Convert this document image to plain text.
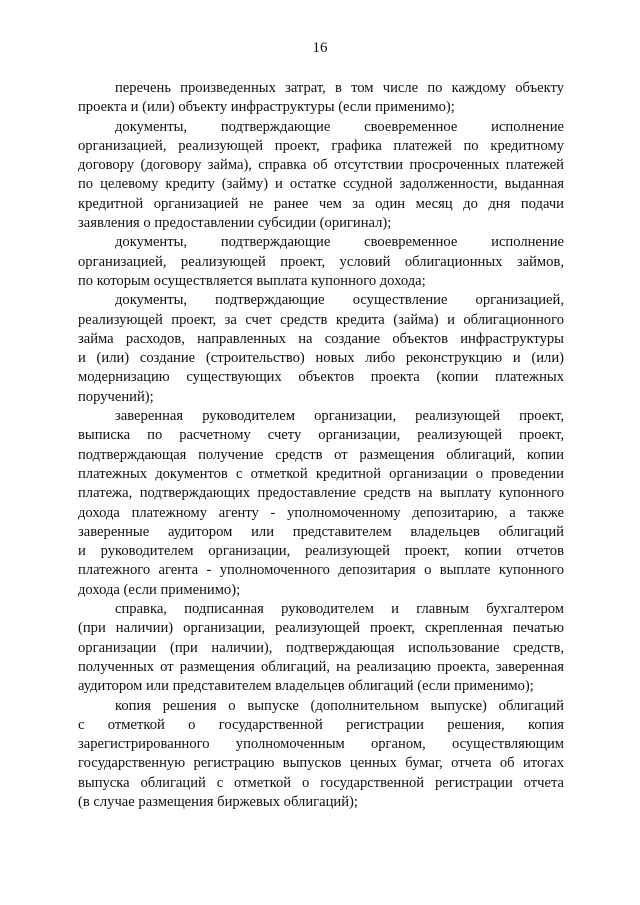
16
перечень произведенных затрат, в том числе по каждому объекту
проекта и (или) объекту инфраструктуры (если применимо);
документы, подтверждающие своевременное исполнение
организацией, реализующей проект, графика платежей по кредитному
договору (договору займа), справка об отсутствии просроченных платежей
по целевому кредиту (займу) и остатке ссудной задолженности, выданная
кредитной организацией не ранее чем за один месяц до дня подачи
заявления о предоставлении субсидии (оригинал);
документы, подтверждающие своевременное исполнение
организацией, реализующей проект, условий облигационных займов,
по которым осуществляется выплата купонного дохода;
документы, подтверждающие осуществление организацией,
реализующей проект, за счет средств кредита (займа) и облигационного
займа расходов, направленных на создание объектов инфраструктуры
и (или) создание (строительство) новых либо реконструкцию и (или)
модернизацию существующих объектов проекта (копии платежных
поручений);
заверенная руководителем организации, реализующей проект,
выписка по расчетному счету организации, реализующей проект,
подтверждающая получение средств от размещения облигаций, копии
платежных документов с отметкой кредитной организации о проведении
платежа, подтверждающих предоставление средств на выплату купонного
дохода платежному агенту - уполномоченному депозитарию, а также
заверенные аудитором или представителем владельцев облигаций
и руководителем организации, реализующей проект, копии отчетов
платежного агента - уполномоченного депозитария о выплате купонного
дохода (если применимо);
справка, подписанная руководителем и главным бухгалтером
(при наличии) организации, реализующей проект, скрепленная печатью
организации (при наличии), подтверждающая использование средств,
полученных от размещения облигаций, на реализацию проекта, заверенная
аудитором или представителем владельцев облигаций (если применимо);
копия решения о выпуске (дополнительном выпуске) облигаций
с отметкой о государственной регистрации решения, копия
зарегистрированного уполномоченным органом, осуществляющим
государственную регистрацию выпусков ценных бумаг, отчета об итогах
выпуска облигаций с отметкой о государственной регистрации отчета
(в случае размещения биржевых облигаций);
